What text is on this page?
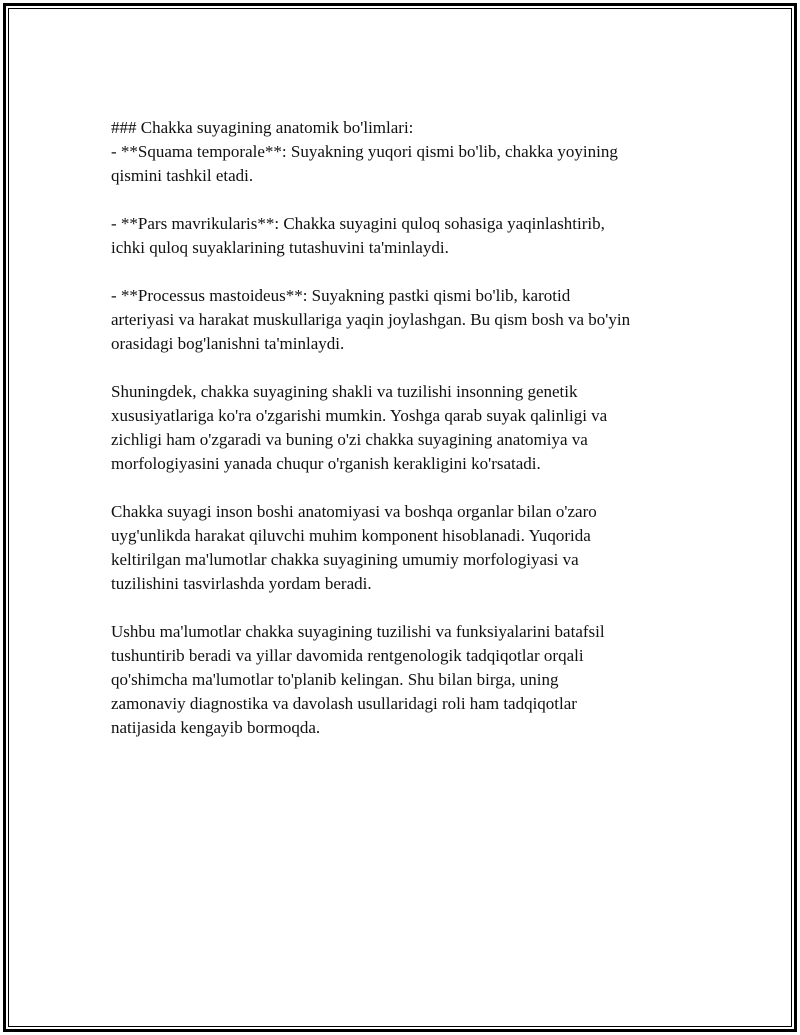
### Chakka suyagining anatomik bo'limlari:
- **Squama temporale**: Suyakning yuqori qismi bo'lib, chakka yoyining
qismini tashkil etadi.
- **Pars mavrikularis**: Chakka suyagini quloq sohasiga yaqinlashtirib,
ichki quloq suyaklarining tutashuvini ta'minlaydi.
- **Processus mastoideus**: Suyakning pastki qismi bo'lib, karotid
arteriyasi va harakat muskullariga yaqin joylashgan. Bu qism bosh va bo'yin
orasidagi bog'lanishni ta'minlaydi.
Shuningdek, chakka suyagining shakli va tuzilishi insonning genetik
xususiyatlariga ko'ra o'zgarishi mumkin. Yoshga qarab suyak qalinligi va
zichligi ham o'zgaradi va buning o'zi chakka suyagining anatomiya va
morfologiyasini yanada chuqur o'rganish kerakligini ko'rsatadi.
Chakka suyagi inson boshi anatomiyasi va boshqa organlar bilan o'zaro
uyg'unlikda harakat qiluvchi muhim komponent hisoblanadi. Yuqorida
keltirilgan ma'lumotlar chakka suyagining umumiy morfologiyasi va
tuzilishini tasvirlashda yordam beradi.
Ushbu ma'lumotlar chakka suyagining tuzilishi va funksiyalarini batafsil
tushuntirib beradi va yillar davomida rentgenologik tadqiqotlar orqali
qo'shimcha ma'lumotlar to'planib kelingan. Shu bilan birga, uning
zamonaviy diagnostika va davolash usullaridagi roli ham tadqiqotlar
natijasida kengayib bormoqda.
